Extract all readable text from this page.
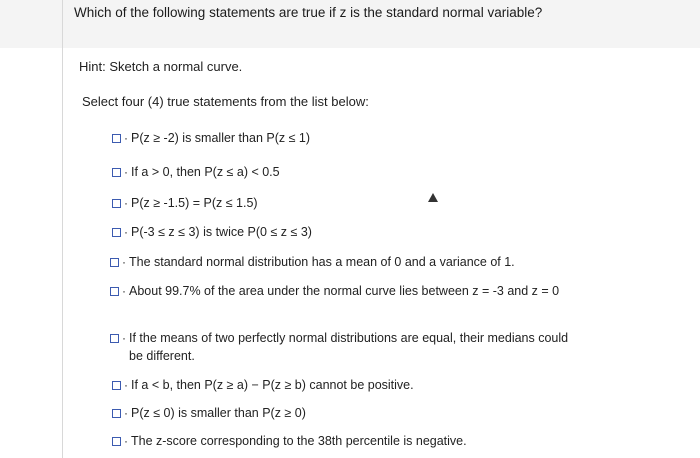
Which of the following statements are true if z is the standard normal variable?
Hint: Sketch a normal curve.
Select four (4) true statements from the list below:
· P(z ≥ -2) is smaller than P(z ≤ 1)
· If a > 0, then P(z ≤ a) < 0.5
· P(z ≥ -1.5) = P(z ≤ 1.5)
· P(-3 ≤ z ≤ 3) is twice P(0 ≤ z ≤ 3)
· The standard normal distribution has a mean of 0 and a variance of 1.
· About 99.7% of the area under the normal curve lies between z = -3 and z = 0
· If the means of two perfectly normal distributions are equal, their medians could
be different.
· If a < b, then P(z ≥ a) − P(z ≥ b) cannot be positive.
· P(z ≤ 0) is smaller than P(z ≥ 0)
· The z-score corresponding to the 38th percentile is negative.
